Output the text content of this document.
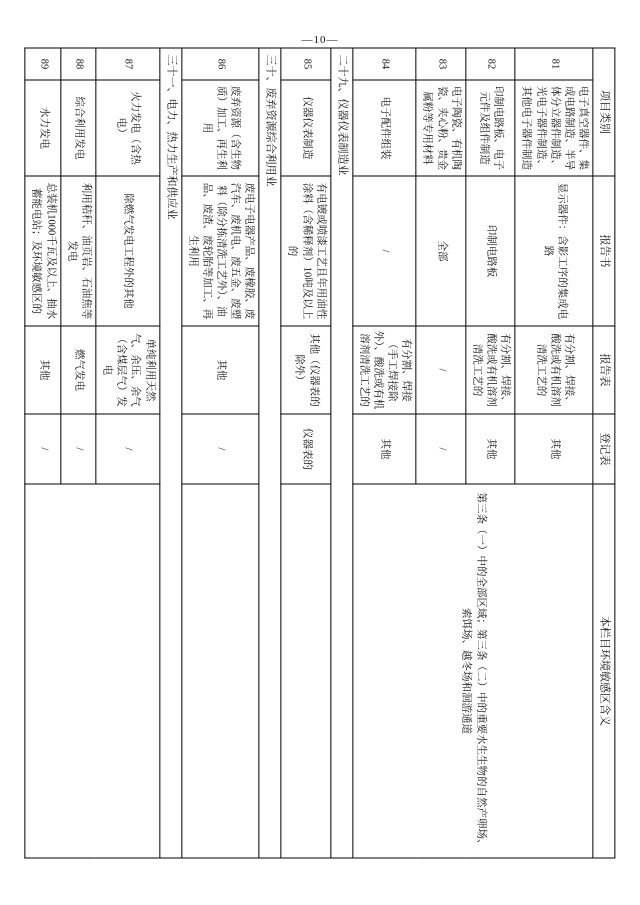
—10—
项目类别		报告书	报告表	登记表	本栏目环境敏感区含义
81	电子真空器件、集成电路制造、半导体分立器件制造、光电子器件制造、其他电子器件制造	显示器件：含影工序的集成电路	有分割、焊接、酸洗或有机溶剂清洗工艺的	其他	第三条（一）中的全部区域；第三条（二）中的重要水生生物的自然产卵场、索饵场、越冬场和洄游通道
82	印制电路板、电子元件及组件制造	印制电路板	有分割、焊接、酸洗或有机溶剂清洗工艺的	其他	
83	电子陶瓷、有机陶瓷、夹心粉、贵金属粉等专用材料	全部	/	/	
84	电子配件组装	/	有分割、焊接（手工焊接除外）、酸洗或有机溶剂清洗工艺的	其他	
二十九、仪器仪表制造业					
85	仪器仪表制造	有电镀或喷漆工艺且年用油性涂料（含稀释剂）10吨及以上的	其他（仪器表的除外）	仪器表的	
三十、废弃资源综合利用业					
86	废弃资源（含生物质）加工、再生利用	废电子电器产品、废橡胶、废汽车、废机电、废五金、废塑料（除分拣清洗工艺外）、油品、废渣、废轮胎等加工、再生利用	其他	/	
三十一、电力、热力生产和供应业					
87	火力发电（含热电）	除燃气发电工程外的其他	单纯利用天然气、余压、余气（含煤层气）发电	/	
88	综合利用发电	利用秸秆、油页岩、石油焦等发电	燃气发电	/	
89	水力发电	总装机1000千瓦及以上、抽水蓄能电站；及环境敏感区的	其他	/	
